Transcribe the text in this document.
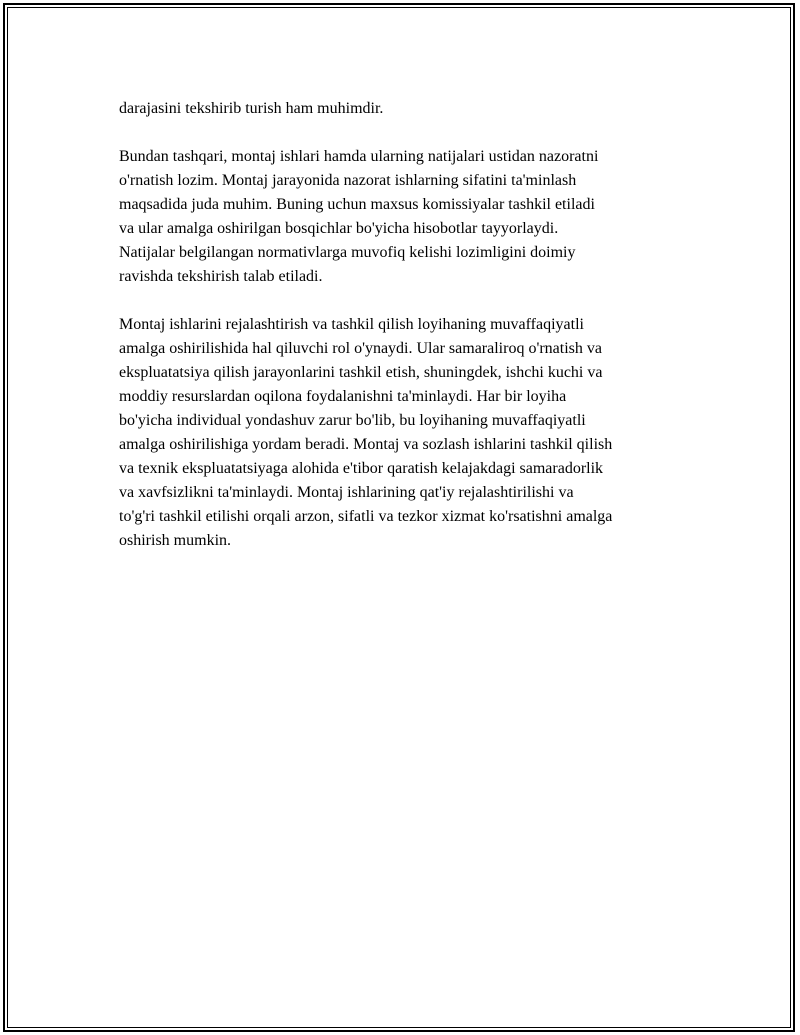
darajasini tekshirib turish ham muhimdir.

Bundan tashqari, montaj ishlari hamda ularning natijalari ustidan nazoratni
o'rnatish lozim. Montaj jarayonida nazorat ishlarning sifatini ta'minlash
maqsadida juda muhim. Buning uchun maxsus komissiyalar tashkil etiladi
va ular amalga oshirilgan bosqichlar bo'yicha hisobotlar tayyorlaydi.
Natijalar belgilangan normativlarga muvofiq kelishi lozimligini doimiy
ravishda tekshirish talab etiladi.

Montaj ishlarini rejalashtirish va tashkil qilish loyihaning muvaffaqiyatli
amalga oshirilishida hal qiluvchi rol o'ynaydi. Ular samaraliroq o'rnatish va
ekspluatatsiya qilish jarayonlarini tashkil etish, shuningdek, ishchi kuchi va
moddiy resurslardan oqilona foydalanishni ta'minlaydi. Har bir loyiha
bo'yicha individual yondashuv zarur bo'lib, bu loyihaning muvaffaqiyatli
amalga oshirilishiga yordam beradi. Montaj va sozlash ishlarini tashkil qilish
va texnik ekspluatatsiyaga alohida e'tibor qaratish kelajakdagi samaradorlik
va xavfsizlikni ta'minlaydi. Montaj ishlarining qat'iy rejalashtirilishi va
to'g'ri tashkil etilishi orqali arzon, sifatli va tezkor xizmat ko'rsatishni amalga
oshirish mumkin.
